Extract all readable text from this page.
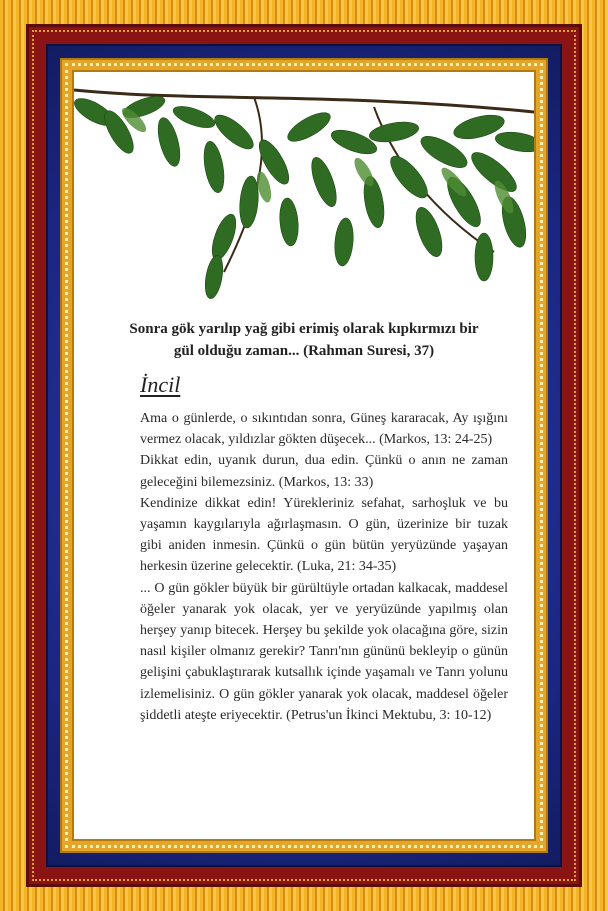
Sonra gök yarılıp yağ gibi erimiş olarak kıpkırmızı bir
gül olduğu zaman... (Rahman Suresi, 37)
İncil

Ama o günlerde, o sıkıntıdan sonra, Güneş kararacak, Ay ışığını vermez olacak, yıldızlar gökten düşecek... (Markos, 13: 24-25)

Dikkat edin, uyanık durun, dua edin. Çünkü o anın ne zaman geleceğini bilemezsiniz. (Markos, 13: 33)

Kendinize dikkat edin! Yürekleriniz sefahat, sarhoşluk ve bu yaşamın kaygılarıyla ağırlaşmasın. O gün, üzerinize bir tuzak gibi aniden inmesin. Çünkü o gün bütün yeryüzünde yaşayan herkesin üzerine gelecektir. (Luka, 21: 34-35)

... O gün gökler büyük bir gürültüyle ortadan kalkacak, maddesel öğeler yanarak yok olacak, yer ve yeryüzünde yapılmış olan herşey yanıp bitecek. Herşey bu şekilde yok olacağına göre, sizin nasıl kişiler olmanız gerekir? Tanrı'nın gününü bekleyip o günün gelişini çabuklaştırarak kutsallık içinde yaşamalı ve Tanrı yolunu izlemelisiniz. O gün gökler yanarak yok olacak, maddesel öğeler şiddetli ateşte eriyecektir. (Petrus'un İkinci Mektubu, 3: 10-12)
